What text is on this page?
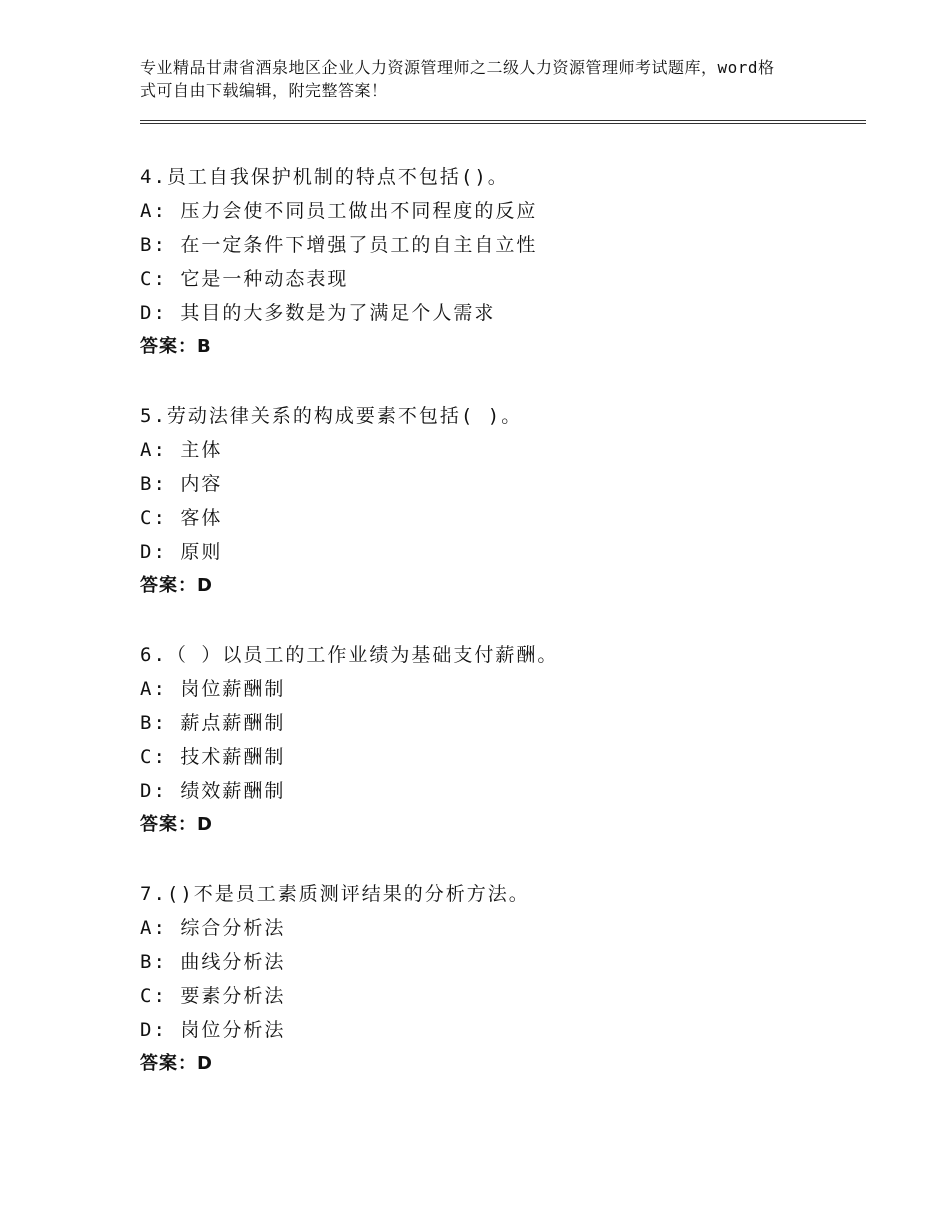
专业精品甘肃省酒泉地区企业人力资源管理师之二级人力资源管理师考试题库，word格式可自由下载编辑，附完整答案！
4.员工自我保护机制的特点不包括()。
A: 压力会使不同员工做出不同程度的反应
B: 在一定条件下增强了员工的自主自立性
C: 它是一种动态表现
D: 其目的大多数是为了满足个人需求
答案：B
5.劳动法律关系的构成要素不包括( )。
A: 主体
B: 内容
C: 客体
D: 原则
答案：D
6.（ ）以员工的工作业绩为基础支付薪酬。
A: 岗位薪酬制
B: 薪点薪酬制
C: 技术薪酬制
D: 绩效薪酬制
答案：D
7.()不是员工素质测评结果的分析方法。
A: 综合分析法
B: 曲线分析法
C: 要素分析法
D: 岗位分析法
答案：D
